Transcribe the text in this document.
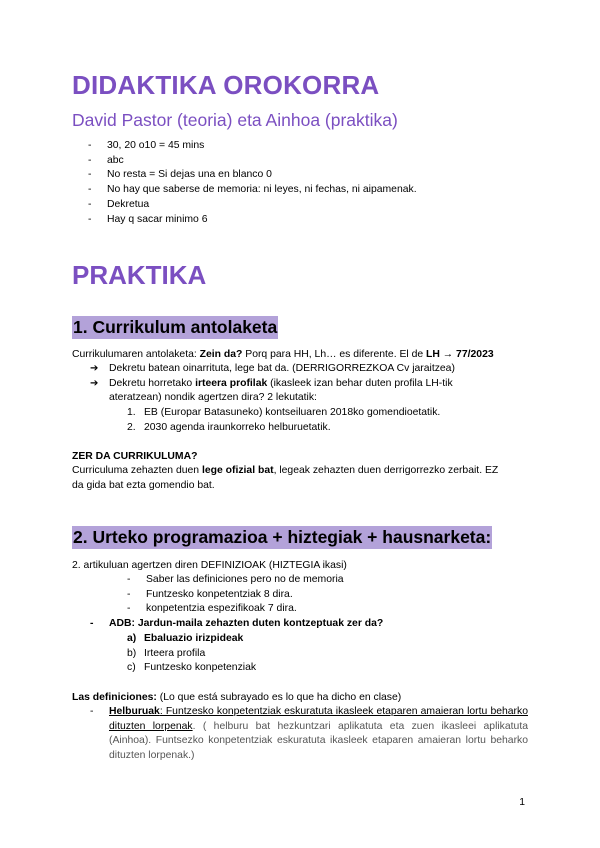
DIDAKTIKA OROKORRA
David Pastor (teoria) eta Ainhoa (praktika)
- 30, 20 o10 = 45 mins
- abc
- No resta = Si dejas una en blanco 0
- No hay que saberse de memoria: ni leyes, ni fechas, ni aipamenak.
- Dekretua
- Hay q sacar minimo 6
PRAKTIKA
1. Currikulum antolaketa
Currikulumaren antolaketa: Zein da? Porq para HH, Lh… es diferente. El de LH → 77/2023
➔ Dekretu batean oinarrituta, lege bat da. (DERRIGORREZKOA Cv jaraitzea)
➔ Dekretu horretako irteera profilak (ikasleek izan behar duten profila LH-tik
ateratzean) nondik agertzen dira? 2 lekutatik:
1. EB (Europar Batasuneko) kontseiluaren 2018ko gomendioetatik.
2. 2030 agenda iraunkorreko helburuetatik.
ZER DA CURRIKULUMA?
Curriculuma zehazten duen lege ofizial bat, legeak zehazten duen derrigorrezko zerbait. EZ
da gida bat ezta gomendio bat.
2. Urteko programazioa + hiztegiak + hausnarketa:
2. artikuluan agertzen diren DEFINIZIOAK (HIZTEGIA ikasi)
- Saber las definiciones pero no de memoria
- Funtzesko konpetentziak 8 dira.
- konpetentzia espezifikoak 7 dira.
- ADB: Jardun-maila zehazten duten kontzeptuak zer da?
a) Ebaluazio irizpideak
b) Irteera profila
c) Funtzesko konpetenziak
Las definiciones: (Lo que está subrayado es lo que ha dicho en clase)
- Helburuak: Funtzesko konpetentziak eskuratuta ikasleek etaparen amaieran lortu beharko dituzten lorpenak. ( helburu bat hezkuntzari aplikatuta eta zuen ikasleei aplikatuta (Ainhoa). Funtsezko konpetentziak eskuratuta ikasleek etaparen amaieran lortu beharko dituzten lorpenak.)
1
